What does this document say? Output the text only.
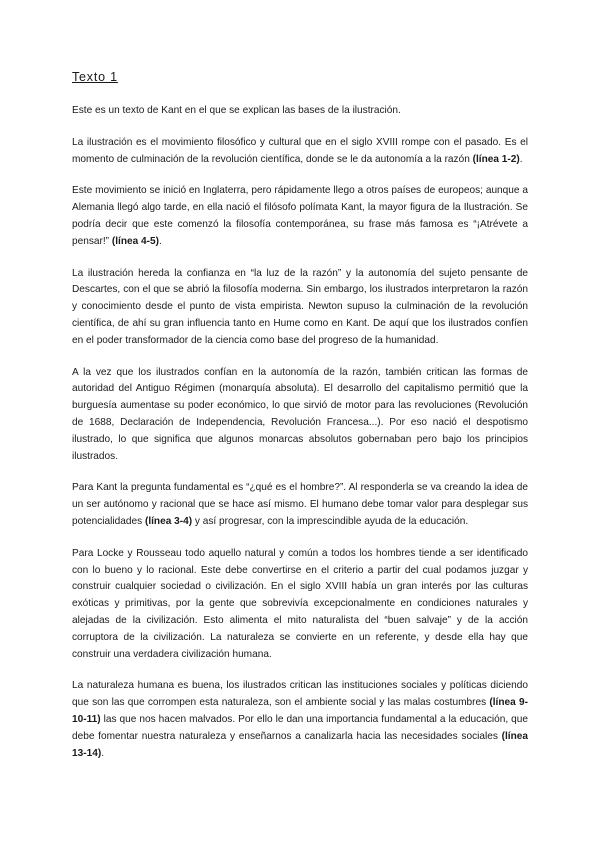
Texto 1

Este es un texto de Kant en el que se explican las bases de la ilustración.

La ilustración es el movimiento filosófico y cultural que en el siglo XVIII rompe con el pasado. Es el momento de culminación de la revolución científica, donde se le da autonomía a la razón (línea 1-2).

Este movimiento se inició en Inglaterra, pero rápidamente llego a otros países de europeos; aunque a Alemania llegó algo tarde, en ella nació el filósofo polímata Kant, la mayor figura de la Ilustración. Se podría decir que este comenzó la filosofía contemporánea, su frase más famosa es “¡Atrévete a pensar!” (línea 4-5).

La ilustración hereda la confianza en “la luz de la razón” y la autonomía del sujeto pensante de Descartes, con el que se abrió la filosofía moderna. Sin embargo, los ilustrados interpretaron la razón y conocimiento desde el punto de vista empirista. Newton supuso la culminación de la revolución científica, de ahí su gran influencia tanto en Hume como en Kant. De aquí que los ilustrados confíen en el poder transformador de la ciencia como base del progreso de la humanidad.

A la vez que los ilustrados confían en la autonomía de la razón, también critican las formas de autoridad del Antiguo Régimen (monarquía absoluta). El desarrollo del capitalismo permitió que la burguesía aumentase su poder económico, lo que sirvió de motor para las revoluciones (Revolución de 1688, Declaración de Independencia, Revolución Francesa...). Por eso nació el despotismo ilustrado, lo que significa que algunos monarcas absolutos gobernaban pero bajo los principios ilustrados.

Para Kant la pregunta fundamental es “¿qué es el hombre?”. Al responderla se va creando la idea de un ser autónomo y racional que se hace así mismo. El humano debe tomar valor para desplegar sus potencialidades (línea 3-4) y así progresar, con la imprescindible ayuda de la educación.

Para Locke y Rousseau todo aquello natural y común a todos los hombres tiende a ser identificado con lo bueno y lo racional. Este debe convertirse en el criterio a partir del cual podamos juzgar y construir cualquier sociedad o civilización. En el siglo XVIII había un gran interés por las culturas exóticas y primitivas, por la gente que sobrevivía excepcionalmente en condiciones naturales y alejadas de la civilización. Esto alimenta el mito naturalista del “buen salvaje” y de la acción corruptora de la civilización. La naturaleza se convierte en un referente, y desde ella hay que construir una verdadera civilización humana.

La naturaleza humana es buena, los ilustrados critican las instituciones sociales y políticas diciendo que son las que corrompen esta naturaleza, son el ambiente social y las malas costumbres (línea 9-10-11) las que nos hacen malvados. Por ello le dan una importancia fundamental a la educación, que debe fomentar nuestra naturaleza y enseñarnos a canalizarla hacia las necesidades sociales (línea 13-14).
